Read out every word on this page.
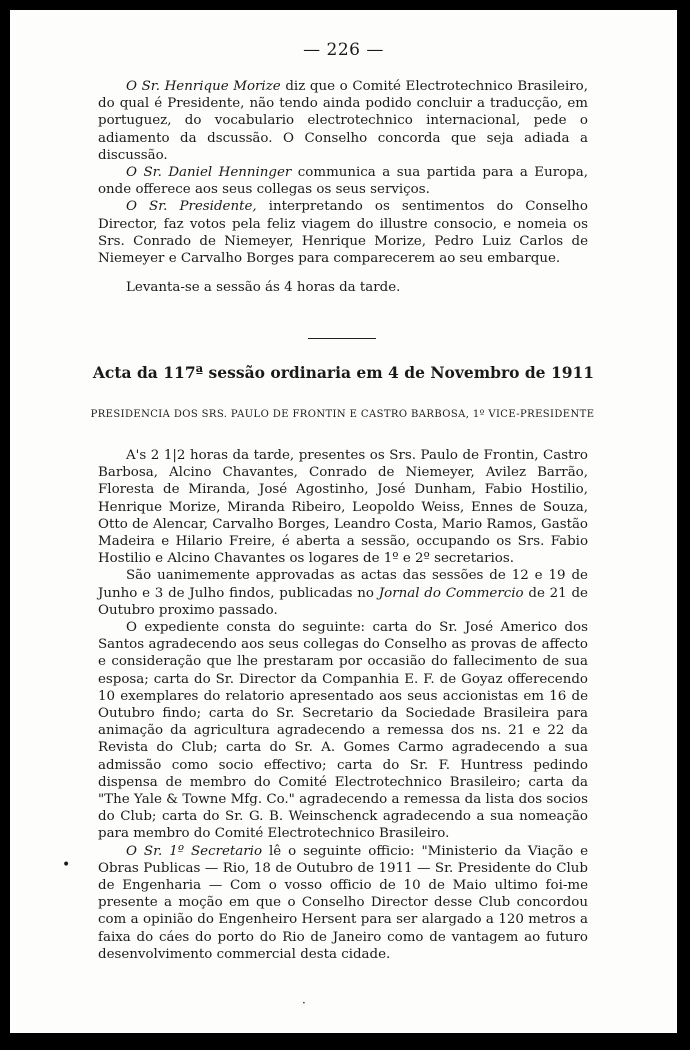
— 226 —

O Sr. Henrique Morize diz que o Comité Electrotechnico Brasileiro, do qual é Presidente, não tendo ainda podido concluir a traducção, em portuguez, do vocabulario electrotechnico internacional, pede o adiamento da dscussão. O Conselho concorda que seja adiada a discussão.

O Sr. Daniel Henninger communica a sua partida para a Europa, onde offerece aos seus collegas os seus serviços.

O Sr. Presidente, interpretando os sentimentos do Conselho Director, faz votos pela feliz viagem do illustre consocio, e nomeia os Srs. Conrado de Niemeyer, Henrique Morize, Pedro Luiz Carlos de Niemeyer e Carvalho Borges para comparecerem ao seu embarque.

Levanta-se a sessão ás 4 horas da tarde.

Acta da 117ª sessão ordinaria em 4 de Novembro de 1911
PRESIDENCIA DOS SRS. PAULO DE FRONTIN E CASTRO BARBOSA, 1º VICE-PRESIDENTE

A's 2 1|2 horas da tarde, presentes os Srs. Paulo de Frontin, Castro Barbosa, Alcino Chavantes, Conrado de Niemeyer, Avilez Barrão, Floresta de Miranda, José Agostinho, José Dunham, Fabio Hostilio, Henrique Morize, Miranda Ribeiro, Leopoldo Weiss, Ennes de Souza, Otto de Alencar, Carvalho Borges, Leandro Costa, Mario Ramos, Gastão Madeira e Hilario Freire, é aberta a sessão, occupando os Srs. Fabio Hostilio e Alcino Chavantes os logares de 1º e 2º secretarios.

São uanimemente approvadas as actas das sessões de 12 e 19 de Junho e 3 de Julho findos, publicadas no Jornal do Commercio de 21 de Outubro proximo passado.

O expediente consta do seguinte: carta do Sr. José Americo dos Santos agradecendo aos seus collegas do Conselho as provas de affecto e consideração que lhe prestaram por occasião do fallecimento de sua esposa; carta do Sr. Director da Companhia E. F. de Goyaz offerecendo 10 exemplares do relatorio apresentado aos seus accionistas em 16 de Outubro findo; carta do Sr. Secretario da Sociedade Brasileira para animação da agricultura agradecendo a remessa dos ns. 21 e 22 da Revista do Club; carta do Sr. A. Gomes Carmo agradecendo a sua admissão como socio effectivo; carta do Sr. F. Huntress pedindo dispensa de membro do Comité Electrotechnico Brasileiro; carta da "The Yale & Towne Mfg. Co." agradecendo a remessa da lista dos socios do Club; carta do Sr. G. B. Weinschenck agradecendo a sua nomeação para membro do Comité Electrotechnico Brasileiro.

O Sr. 1º Secretario lê o seguinte officio: "Ministerio da Viação e Obras Publicas — Rio, 18 de Outubro de 1911 — Sr. Presidente do Club de Engenharia — Com o vosso officio de 10 de Maio ultimo foi-me presente a moção em que o Conselho Director desse Club concordou com a opinião do Engenheiro Hersent para ser alargado a 120 metros a faixa do cáes do porto do Rio de Janeiro como de vantagem ao futuro desenvolvimento commercial desta cidade.

•
·
